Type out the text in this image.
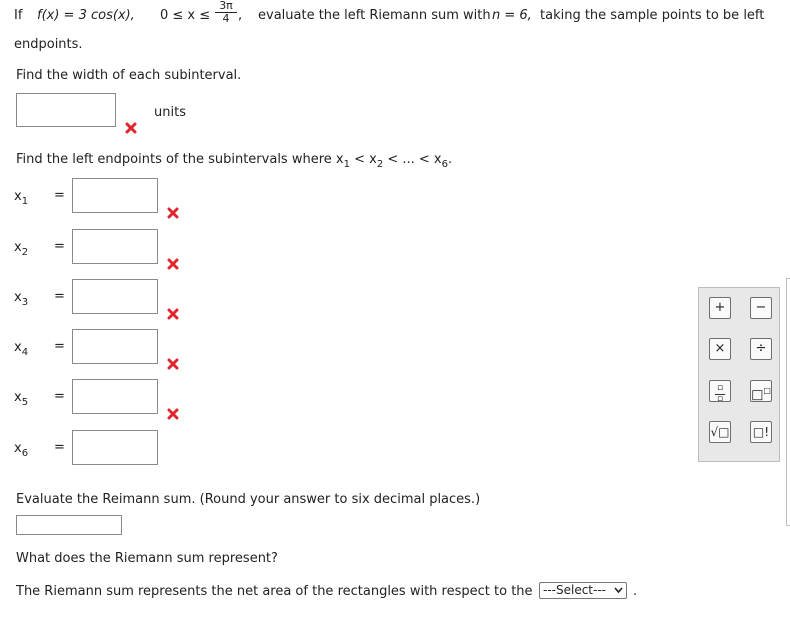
If f(x) = 3 cos(x), $0 \le x \le \frac{3\pi}{4}$ , evaluate the left Riemann sum with n = 6, taking the sample points to be left
endpoints.
Find the width of each subinterval.
units
Find the left endpoints of the subintervals where $x_1 < x_2$ < ... < $x_6$.
$x_1$ =
$x_2$ =
$x_3$ =
$x_4$ =
$x_5$ =
$x_6$ =
+	−
×	÷
▫
▫	□□
√□ □!
Evaluate the Reimann sum. (Round your answer to six decimal places.)
What does the Riemann sum represent?
The Riemann sum represents the net area of the rectangles with respect to the ---Select---	.
